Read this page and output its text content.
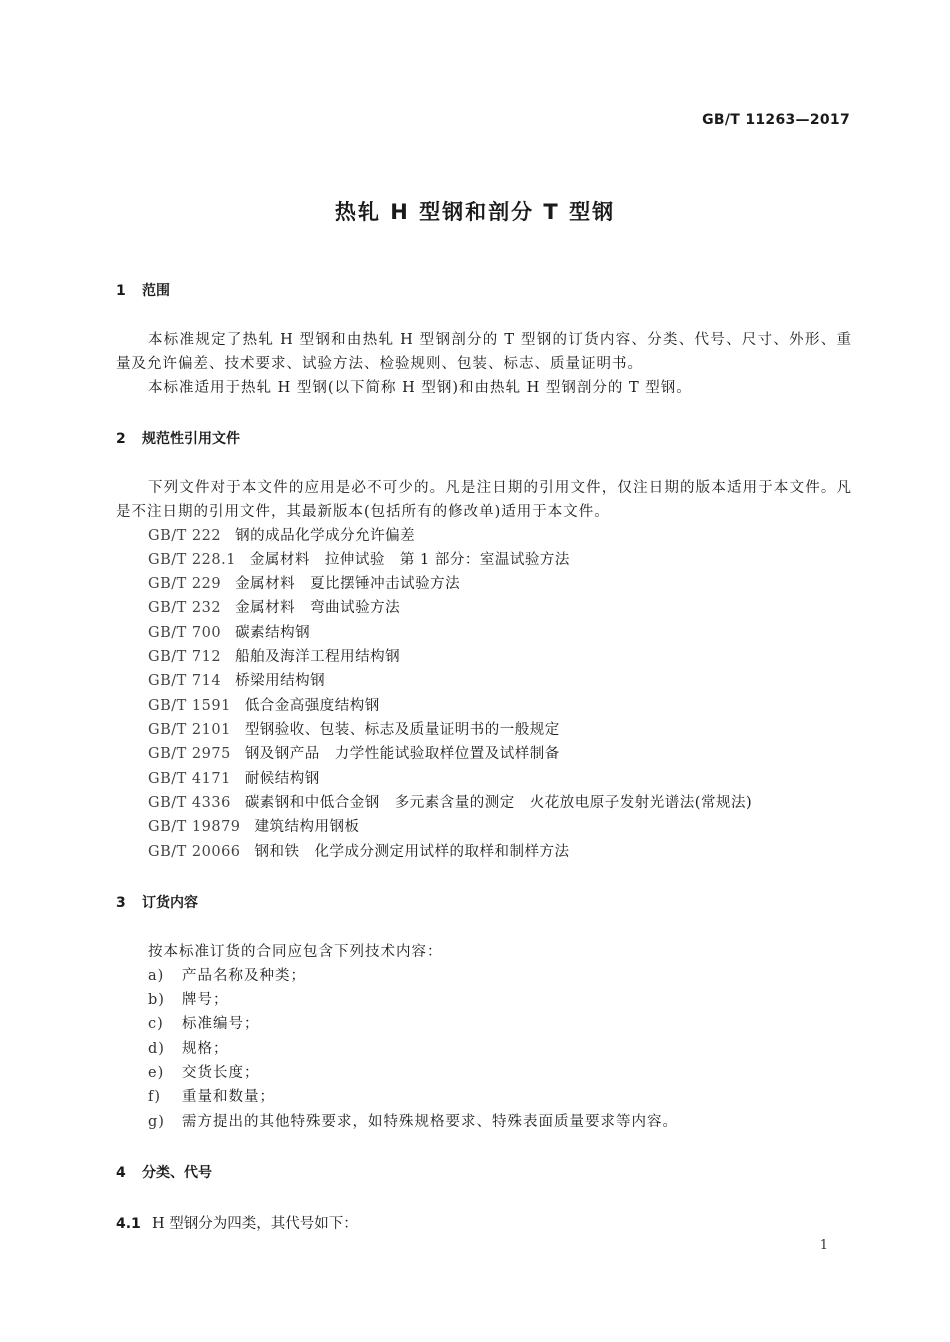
GB/T 11263—2017
热轧 H 型钢和剖分 T 型钢
1 范围
本标准规定了热轧 H 型钢和由热轧 H 型钢剖分的 T 型钢的订货内容、分类、代号、尺寸、外形、重量及允许偏差、技术要求、试验方法、检验规则、包装、标志、质量证明书。
本标准适用于热轧 H 型钢(以下简称 H 型钢)和由热轧 H 型钢剖分的 T 型钢。
2 规范性引用文件
下列文件对于本文件的应用是必不可少的。凡是注日期的引用文件，仅注日期的版本适用于本文件。凡是不注日期的引用文件，其最新版本(包括所有的修改单)适用于本文件。
GB/T 222 钢的成品化学成分允许偏差
GB/T 228.1 金属材料　拉伸试验　第 1 部分：室温试验方法
GB/T 229 金属材料　夏比摆锤冲击试验方法
GB/T 232 金属材料　弯曲试验方法
GB/T 700 碳素结构钢
GB/T 712 船舶及海洋工程用结构钢
GB/T 714 桥梁用结构钢
GB/T 1591 低合金高强度结构钢
GB/T 2101 型钢验收、包装、标志及质量证明书的一般规定
GB/T 2975 钢及钢产品　力学性能试验取样位置及试样制备
GB/T 4171 耐候结构钢
GB/T 4336 碳素钢和中低合金钢　多元素含量的测定　火花放电原子发射光谱法(常规法)
GB/T 19879 建筑结构用钢板
GB/T 20066 钢和铁　化学成分测定用试样的取样和制样方法
3 订货内容
按本标准订货的合同应包含下列技术内容：
a) 产品名称及种类；
b) 牌号；
c) 标准编号；
d) 规格；
e) 交货长度；
f) 重量和数量；
g) 需方提出的其他特殊要求，如特殊规格要求、特殊表面质量要求等内容。
4 分类、代号
4.1 H 型钢分为四类，其代号如下：
1
